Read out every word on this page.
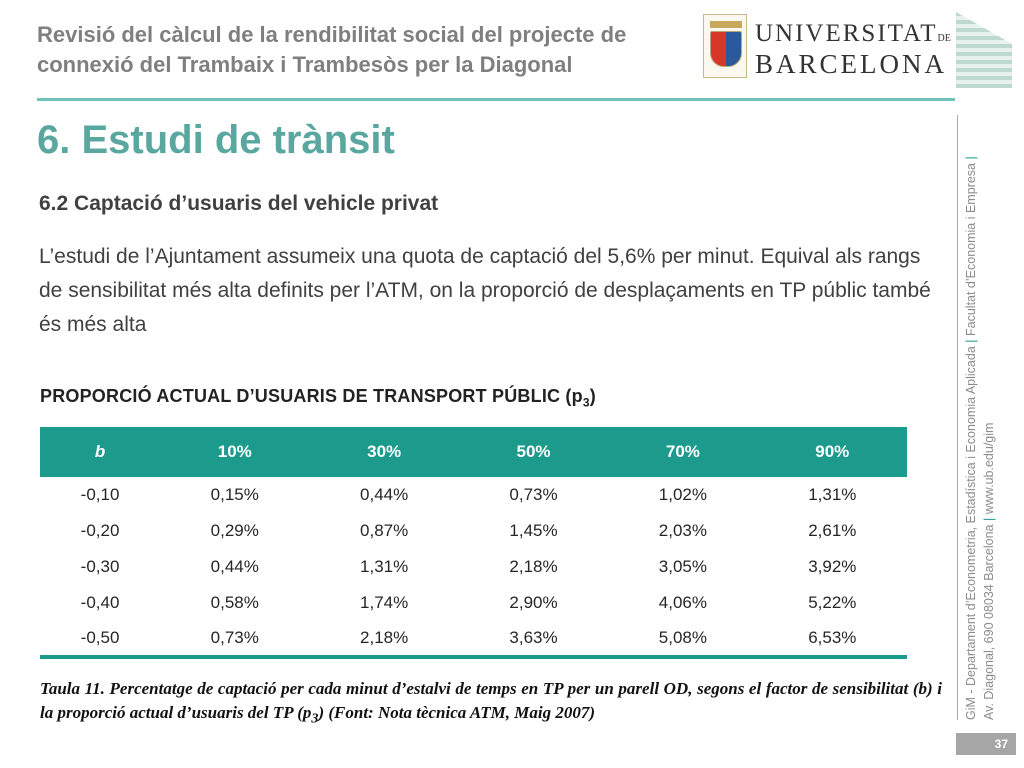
Revisió del càlcul de la rendibilitat social del projecte de connexió del Trambaix i Trambesòs per la Diagonal
UNIVERSITATDE
BARCELONA
6. Estudi de trànsit
6.2 Captació d’usuaris del vehicle privat
L’estudi de l’Ajuntament assumeix una quota de captació del 5,6% per minut. Equival als rangs de sensibilitat més alta definits per l’ATM, on la proporció de desplaçaments en TP públic també és més alta
PROPORCIÓ ACTUAL D’USUARIS DE TRANSPORT PÚBLIC $(p_3)$
b	10%	30%	50%	70%	90%
-0,10	0,15%	0,44%	0,73%	1,02%	1,31%
-0,20	0,29%	0,87%	1,45%	2,03%	2,61%
-0,30	0,44%	1,31%	2,18%	3,05%	3,92%
-0,40	0,58%	1,74%	2,90%	4,06%	5,22%
-0,50	0,73%	2,18%	3,63%	5,08%	6,53%
Taula 11. Percentatge de captació per cada minut d’estalvi de temps en TP per un parell OD, segons el factor de sensibilitat (b) i la proporció actual d’usuaris del TP $(p_3)$ (Font: Nota tècnica ATM, Maig 2007)	GiM - Departament d’Econometria, Estadística i Economia Aplicada | Facultat d’Economia i Empresa | Av. Diagonal, 690 08034 Barcelona | www.ub.edu/gim
37
